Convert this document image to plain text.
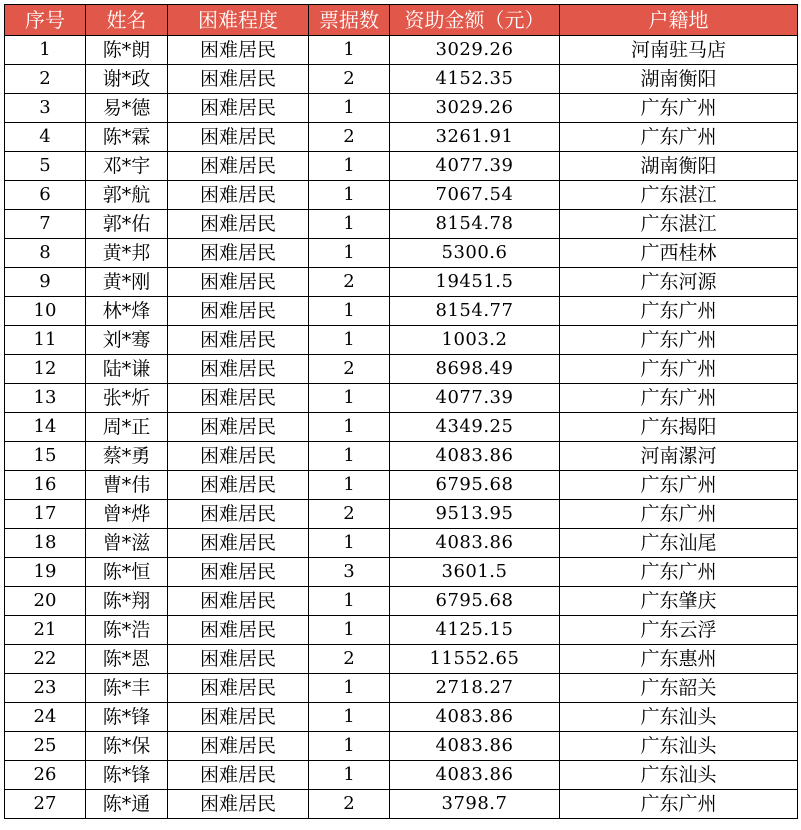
序号	姓名	困难程度	票据数	资助金额（元）	户籍地
1	陈*朗	困难居民	1	3029.26	河南驻马店
2	谢*政	困难居民	2	4152.35	湖南衡阳
3	易*德	困难居民	1	3029.26	广东广州
4	陈*霖	困难居民	2	3261.91	广东广州
5	邓*宇	困难居民	1	4077.39	湖南衡阳
6	郭*航	困难居民	1	7067.54	广东湛江
7	郭*佑	困难居民	1	8154.78	广东湛江
8	黄*邦	困难居民	1	5300.6	广西桂林
9	黄*刚	困难居民	2	19451.5	广东河源
10	林*烽	困难居民	1	8154.77	广东广州
11	刘*骞	困难居民	1	1003.2	广东广州
12	陆*谦	困难居民	2	8698.49	广东广州
13	张*炘	困难居民	1	4077.39	广东广州
14	周*正	困难居民	1	4349.25	广东揭阳
15	蔡*勇	困难居民	1	4083.86	河南漯河
16	曹*伟	困难居民	1	6795.68	广东广州
17	曾*烨	困难居民	2	9513.95	广东广州
18	曾*滋	困难居民	1	4083.86	广东汕尾
19	陈*恒	困难居民	3	3601.5	广东广州
20	陈*翔	困难居民	1	6795.68	广东肇庆
21	陈*浩	困难居民	1	4125.15	广东云浮
22	陈*恩	困难居民	2	11552.65	广东惠州
23	陈*丰	困难居民	1	2718.27	广东韶关
24	陈*锋	困难居民	1	4083.86	广东汕头
25	陈*保	困难居民	1	4083.86	广东汕头
26	陈*锋	困难居民	1	4083.86	广东汕头
27	陈*通	困难居民	2	3798.7	广东广州
